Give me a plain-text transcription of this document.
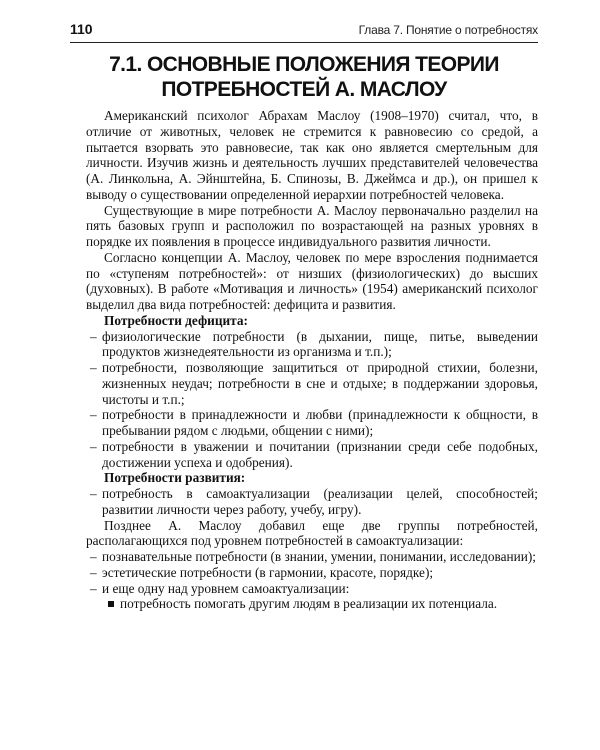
110	Глава 7. Понятие о потребностях
7.1. ОСНОВНЫЕ ПОЛОЖЕНИЯ ТЕОРИИ
ПОТРЕБНОСТЕЙ А. МАСЛОУ

Американский психолог Абрахам Маслоу (1908–1970) считал, что, в отличие от животных, человек не стремится к равновесию со средой, а пытается взорвать это равновесие, так как оно является смертельным для личности. Изучив жизнь и деятельность лучших представителей человечества (А. Линкольна, А. Эйнштейна, Б. Спинозы, В. Джеймса и др.), он пришел к выводу о существовании определенной иерархии потребностей человека.

Существующие в мире потребности А. Маслоу первоначально разделил на пять базовых групп и расположил по возрастающей на разных уровнях в порядке их появления в процессе индивидуального развития личности.

Согласно концепции А. Маслоу, человек по мере взросления поднимается по «ступеням потребностей»: от низших (физиологических) до высших (духовных). В работе «Мотивация и личность» (1954) американский психолог выделил два вида потребностей: дефицита и развития.

Потребности дефицита:

– физиологические потребности (в дыхании, пище, питье, выведении продуктов жизнедеятельности из организма и т.п.);

– потребности, позволяющие защититься от природной стихии, болезни, жизненных неудач; потребности в сне и отдыхе; в поддержании здоровья, чистоты и т.п.;

– потребности в принадлежности и любви (принадлежности к общности, в пребывании рядом с людьми, общении с ними);

– потребности в уважении и почитании (признании среди себе подобных, достижении успеха и одобрения).

Потребности развития:

– потребность в самоактуализации (реализации целей, способностей; развитии личности через работу, учебу, игру).

Позднее А. Маслоу добавил еще две группы потребностей, располагающихся под уровнем потребностей в самоактуализации:

– познавательные потребности (в знании, умении, понимании, исследовании);

– эстетические потребности (в гармонии, красоте, порядке);

– и еще одну над уровнем самоактуализации:

потребность помогать другим людям в реализации их потенциала.
